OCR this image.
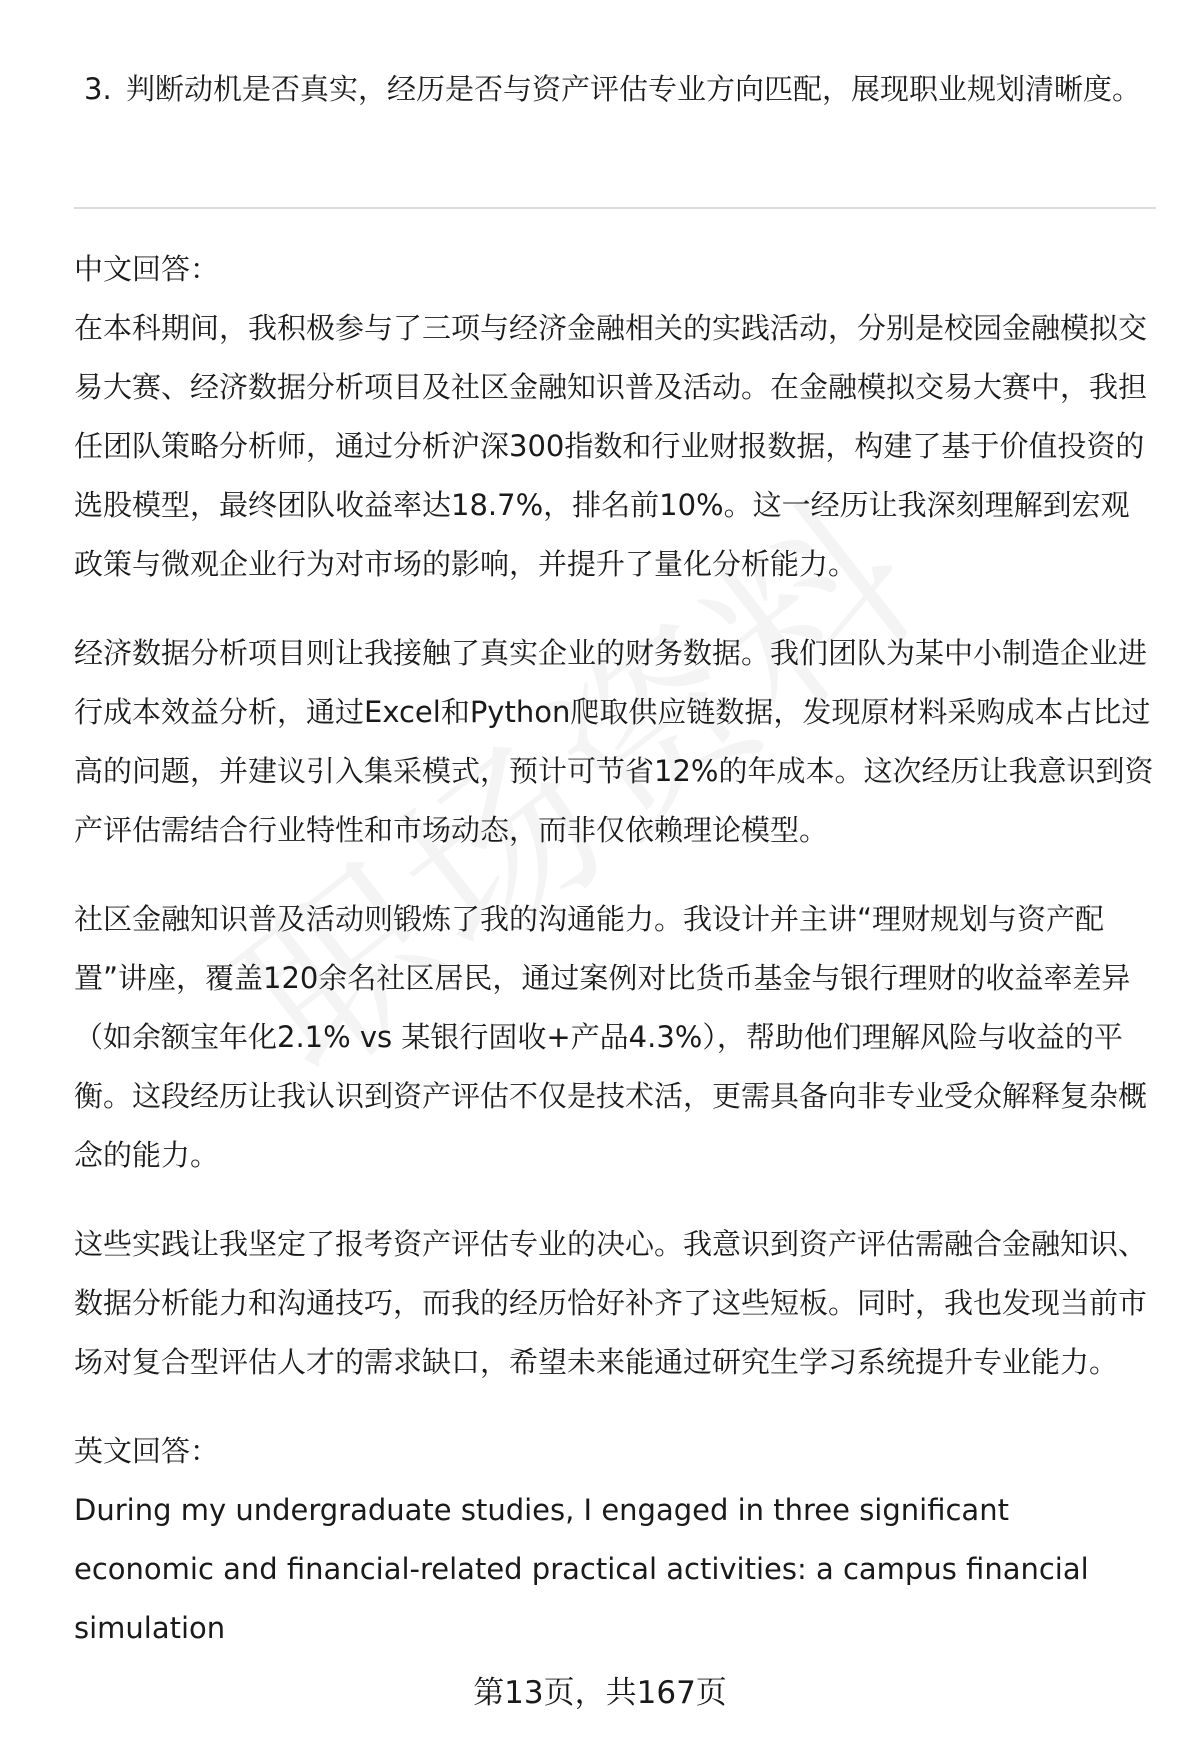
3. 判断动机是否真实，经历是否与资产评估专业方向匹配，展现职业规划清晰度。

中文回答：

在本科期间，我积极参与了三项与经济金融相关的实践活动，分别是校园金融模拟交易大赛、经济数据分析项目及社区金融知识普及活动。在金融模拟交易大赛中，我担任团队策略分析师，通过分析沪深300指数和行业财报数据，构建了基于价值投资的选股模型，最终团队收益率达18.7%，排名前10%。这一经历让我深刻理解到宏观政策与微观企业行为对市场的影响，并提升了量化分析能力。

经济数据分析项目则让我接触了真实企业的财务数据。我们团队为某中小制造企业进行成本效益分析，通过Excel和Python爬取供应链数据，发现原材料采购成本占比过高的问题，并建议引入集采模式，预计可节省12%的年成本。这次经历让我意识到资产评估需结合行业特性和市场动态，而非仅依赖理论模型。

社区金融知识普及活动则锻炼了我的沟通能力。我设计并主讲“理财规划与资产配置”讲座，覆盖120余名社区居民，通过案例对比货币基金与银行理财的收益率差异（如余额宝年化2.1% vs 某银行固收+产品4.3%），帮助他们理解风险与收益的平衡。这段经历让我认识到资产评估不仅是技术活，更需具备向非专业受众解释复杂概念的能力。

这些实践让我坚定了报考资产评估专业的决心。我意识到资产评估需融合金融知识、数据分析能力和沟通技巧，而我的经历恰好补齐了这些短板。同时，我也发现当前市场对复合型评估人才的需求缺口，希望未来能通过研究生学习系统提升专业能力。

英文回答：

During my undergraduate studies, I engaged in three significant economic and financial-related practical activities: a campus financial simulation

第13页，共167页
